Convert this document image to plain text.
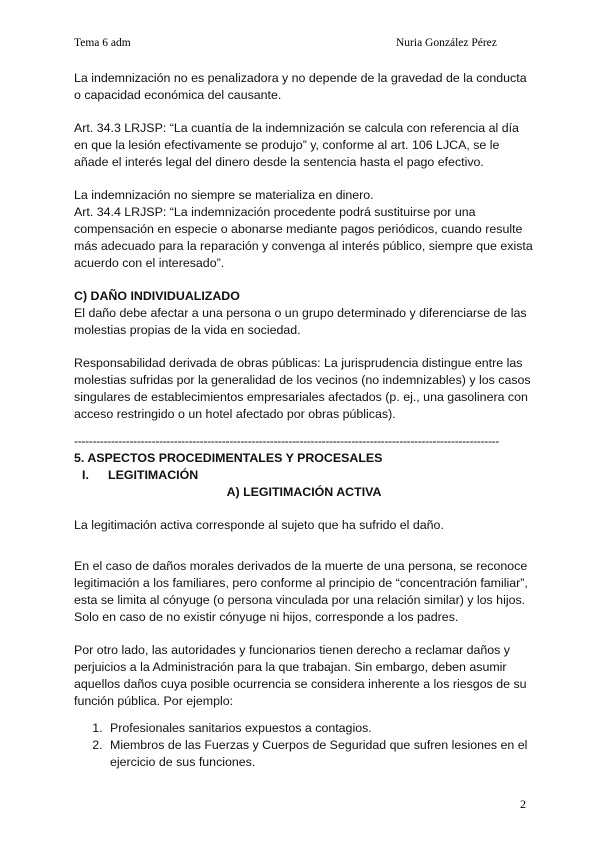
Tema 6 adm	Nuria González Pérez

La indemnización no es penalizadora y no depende de la gravedad de la conducta o capacidad económica del causante.

Art. 34.3 LRJSP: “La cuantía de la indemnización se calcula con referencia al día en que la lesión efectivamente se produjo” y, conforme al art. 106 LJCA, se le añade el interés legal del dinero desde la sentencia hasta el pago efectivo.

La indemnización no siempre se materializa en dinero.

Art. 34.4 LRJSP: “La indemnización procedente podrá sustituirse por una compensación en especie o abonarse mediante pagos periódicos, cuando resulte más adecuado para la reparación y convenga al interés público, siempre que exista acuerdo con el interesado”.

C) DAÑO INDIVIDUALIZADO

El daño debe afectar a una persona o un grupo determinado y diferenciarse de las molestias propias de la vida en sociedad.

Responsabilidad derivada de obras públicas: La jurisprudencia distingue entre las molestias sufridas por la generalidad de los vecinos (no indemnizables) y los casos singulares de establecimientos empresariales afectados (p. ej., una gasolinera con acceso restringido o un hotel afectado por obras públicas).

-------------------------------------------------------------------------------------------------------------------

5. ASPECTOS PROCEDIMENTALES Y PROCESALES

I. LEGITIMACIÓN

A) LEGITIMACIÓN ACTIVA

La legitimación activa corresponde al sujeto que ha sufrido el daño.

En el caso de daños morales derivados de la muerte de una persona, se reconoce legitimación a los familiares, pero conforme al principio de “concentración familiar”, esta se limita al cónyuge (o persona vinculada por una relación similar) y los hijos. Solo en caso de no existir cónyuge ni hijos, corresponde a los padres.

Por otro lado, las autoridades y funcionarios tienen derecho a reclamar daños y perjuicios a la Administración para la que trabajan. Sin embargo, deben asumir aquellos daños cuya posible ocurrencia se considera inherente a los riesgos de su función pública. Por ejemplo:

1. Profesionales sanitarios expuestos a contagios.
2. Miembros de las Fuerzas y Cuerpos de Seguridad que sufren lesiones en el ejercicio de sus funciones.
2
